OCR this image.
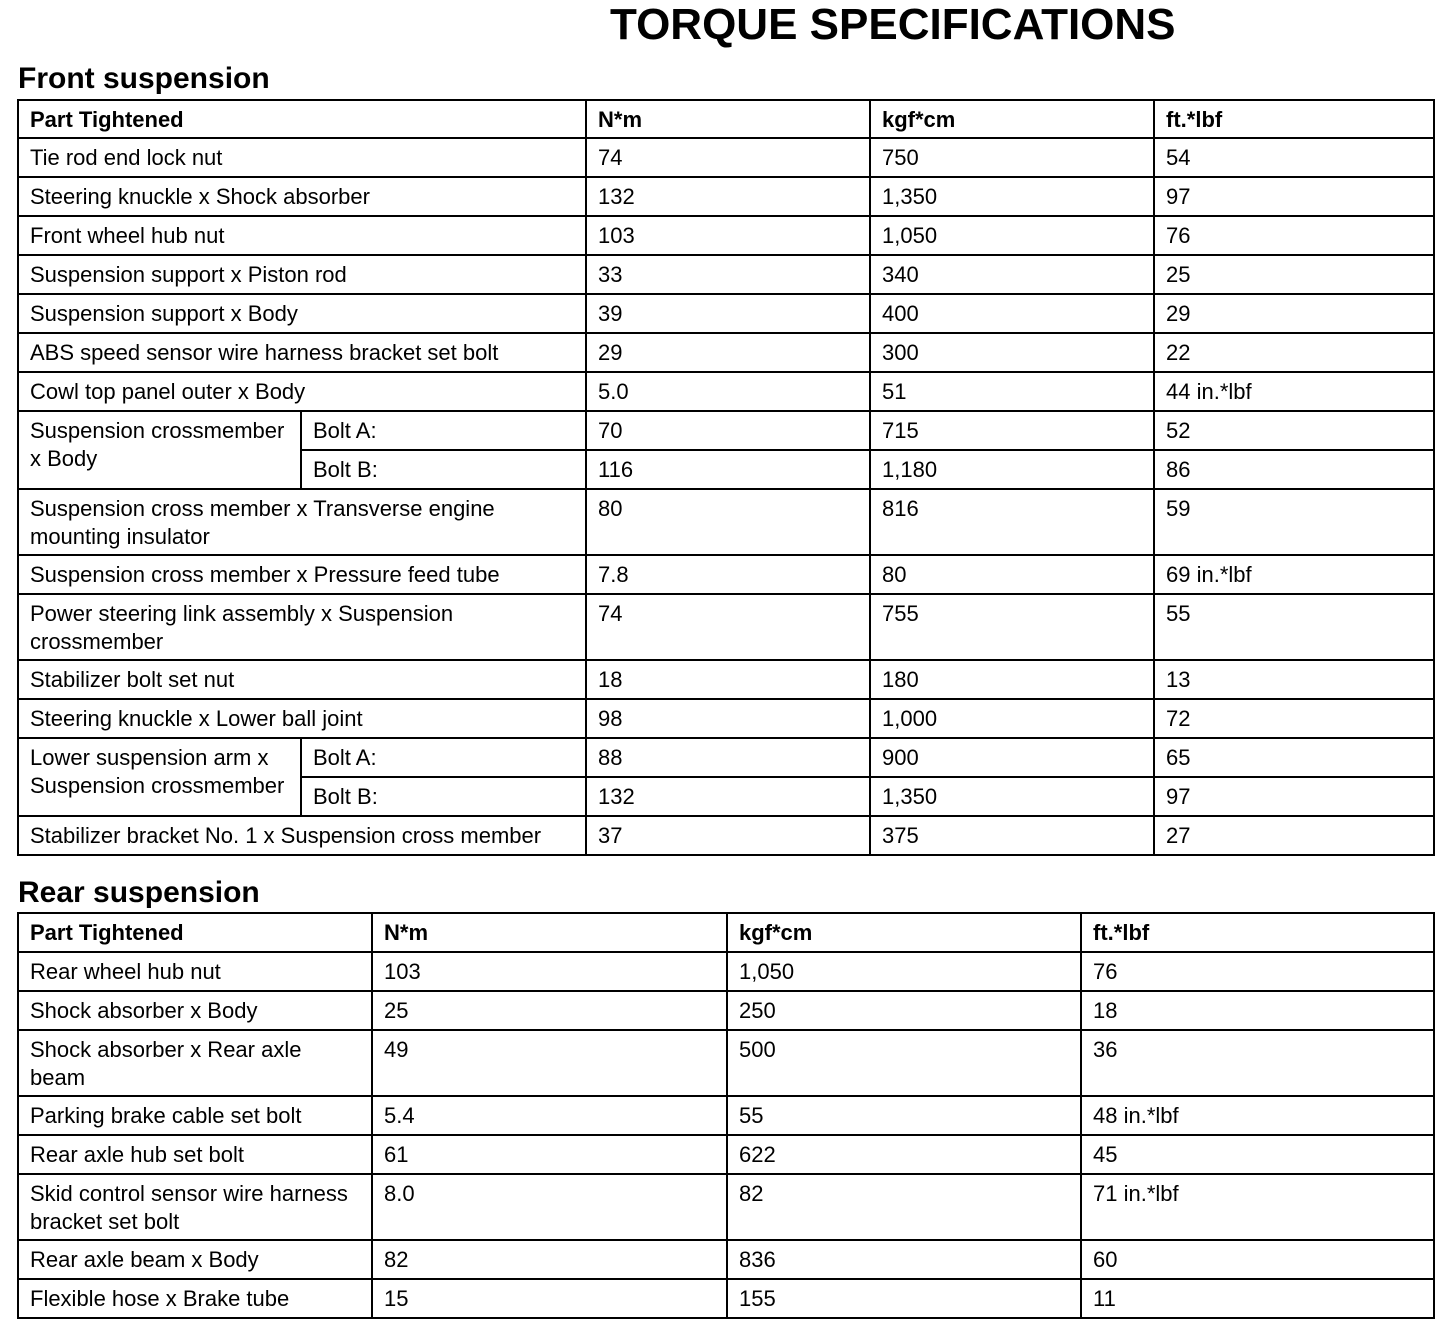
TORQUE SPECIFICATIONS
Front suspension
Part Tightened		N*m	kgf*cm	ft.*lbf
Tie rod end lock nut		74	750	54
Steering knuckle x Shock absorber		132	1,350	97
Front wheel hub nut		103	1,050	76
Suspension support x Piston rod		33	340	25
Suspension support x Body		39	400	29
ABS speed sensor wire harness bracket set bolt		29	300	22
Cowl top panel outer x Body		5.0	51	44 in.*lbf
Suspension crossmember x Body	Bolt A:	70	715	52
	Bolt B:	116	1,180	86
Suspension cross member x Transverse engine mounting insulator		80	816	59
Suspension cross member x Pressure feed tube		7.8	80	69 in.*lbf
Power steering link assembly x Suspension crossmember		74	755	55
Stabilizer bolt set nut		18	180	13
Steering knuckle x Lower ball joint		98	1,000	72
Lower suspension arm x Suspension crossmember	Bolt A:	88	900	65
	Bolt B:	132	1,350	97
Stabilizer bracket No. 1 x Suspension cross member		37	375	27
Rear suspension
Part Tightened	N*m	kgf*cm	ft.*lbf
Rear wheel hub nut	103	1,050	76
Shock absorber x Body	25	250	18
Shock absorber x Rear axle beam	49	500	36
Parking brake cable set bolt	5.4	55	48 in.*lbf
Rear axle hub set bolt	61	622	45
Skid control sensor wire harness bracket set bolt	8.0	82	71 in.*lbf
Rear axle beam x Body	82	836	60
Flexible hose x Brake tube	15	155	11
